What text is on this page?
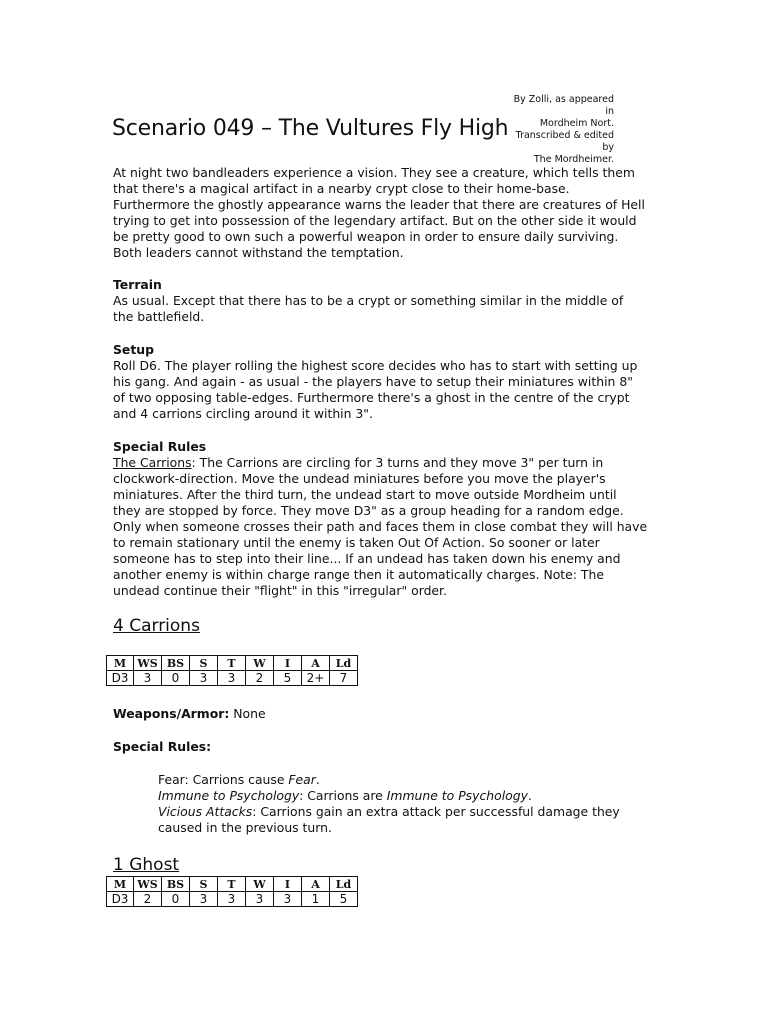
Scenario 049 – The Vultures Fly High
By Zolli, as appeared
in
Mordheim Nort.
Transcribed & edited
by
The Mordheimer.

At night two bandleaders experience a vision. They see a creature, which tells them

that there's a magical artifact in a nearby crypt close to their home-base.

Furthermore the ghostly appearance warns the leader that there are creatures of Hell

trying to get into possession of the legendary artifact. But on the other side it would

be pretty good to own such a powerful weapon in order to ensure daily surviving.

Both leaders cannot withstand the temptation.

Terrain

As usual. Except that there has to be a crypt or something similar in the middle of

the battlefield.

Setup

Roll D6. The player rolling the highest score decides who has to start with setting up

his gang. And again - as usual - the players have to setup their miniatures within 8"

of two opposing table-edges. Furthermore there's a ghost in the centre of the crypt

and 4 carrions circling around it within 3".

Special Rules

The Carrions: The Carrions are circling for 3 turns and they move 3" per turn in

clockwork-direction. Move the undead miniatures before you move the player's

miniatures. After the third turn, the undead start to move outside Mordheim until

they are stopped by force. They move D3" as a group heading for a random edge.

Only when someone crosses their path and faces them in close combat they will have

to remain stationary until the enemy is taken Out Of Action. So sooner or later

someone has to step into their line... If an undead has taken down his enemy and

another enemy is within charge range then it automatically charges. Note: The

undead continue their "flight" in this "irregular" order.

4 Carrions
M	WS	BS	S	T	W	I	A	Ld
D3	3	0	3	3	2	5	2+	7
Weapons/Armor: None
Special Rules:

Fear: Carrions cause Fear.

Immune to Psychology: Carrions are Immune to Psychology.

Vicious Attacks: Carrions gain an extra attack per successful damage they

caused in the previous turn.

1 Ghost
M	WS	BS	S	T	W	I	A	Ld
D3	2	0	3	3	3	3	1	5
